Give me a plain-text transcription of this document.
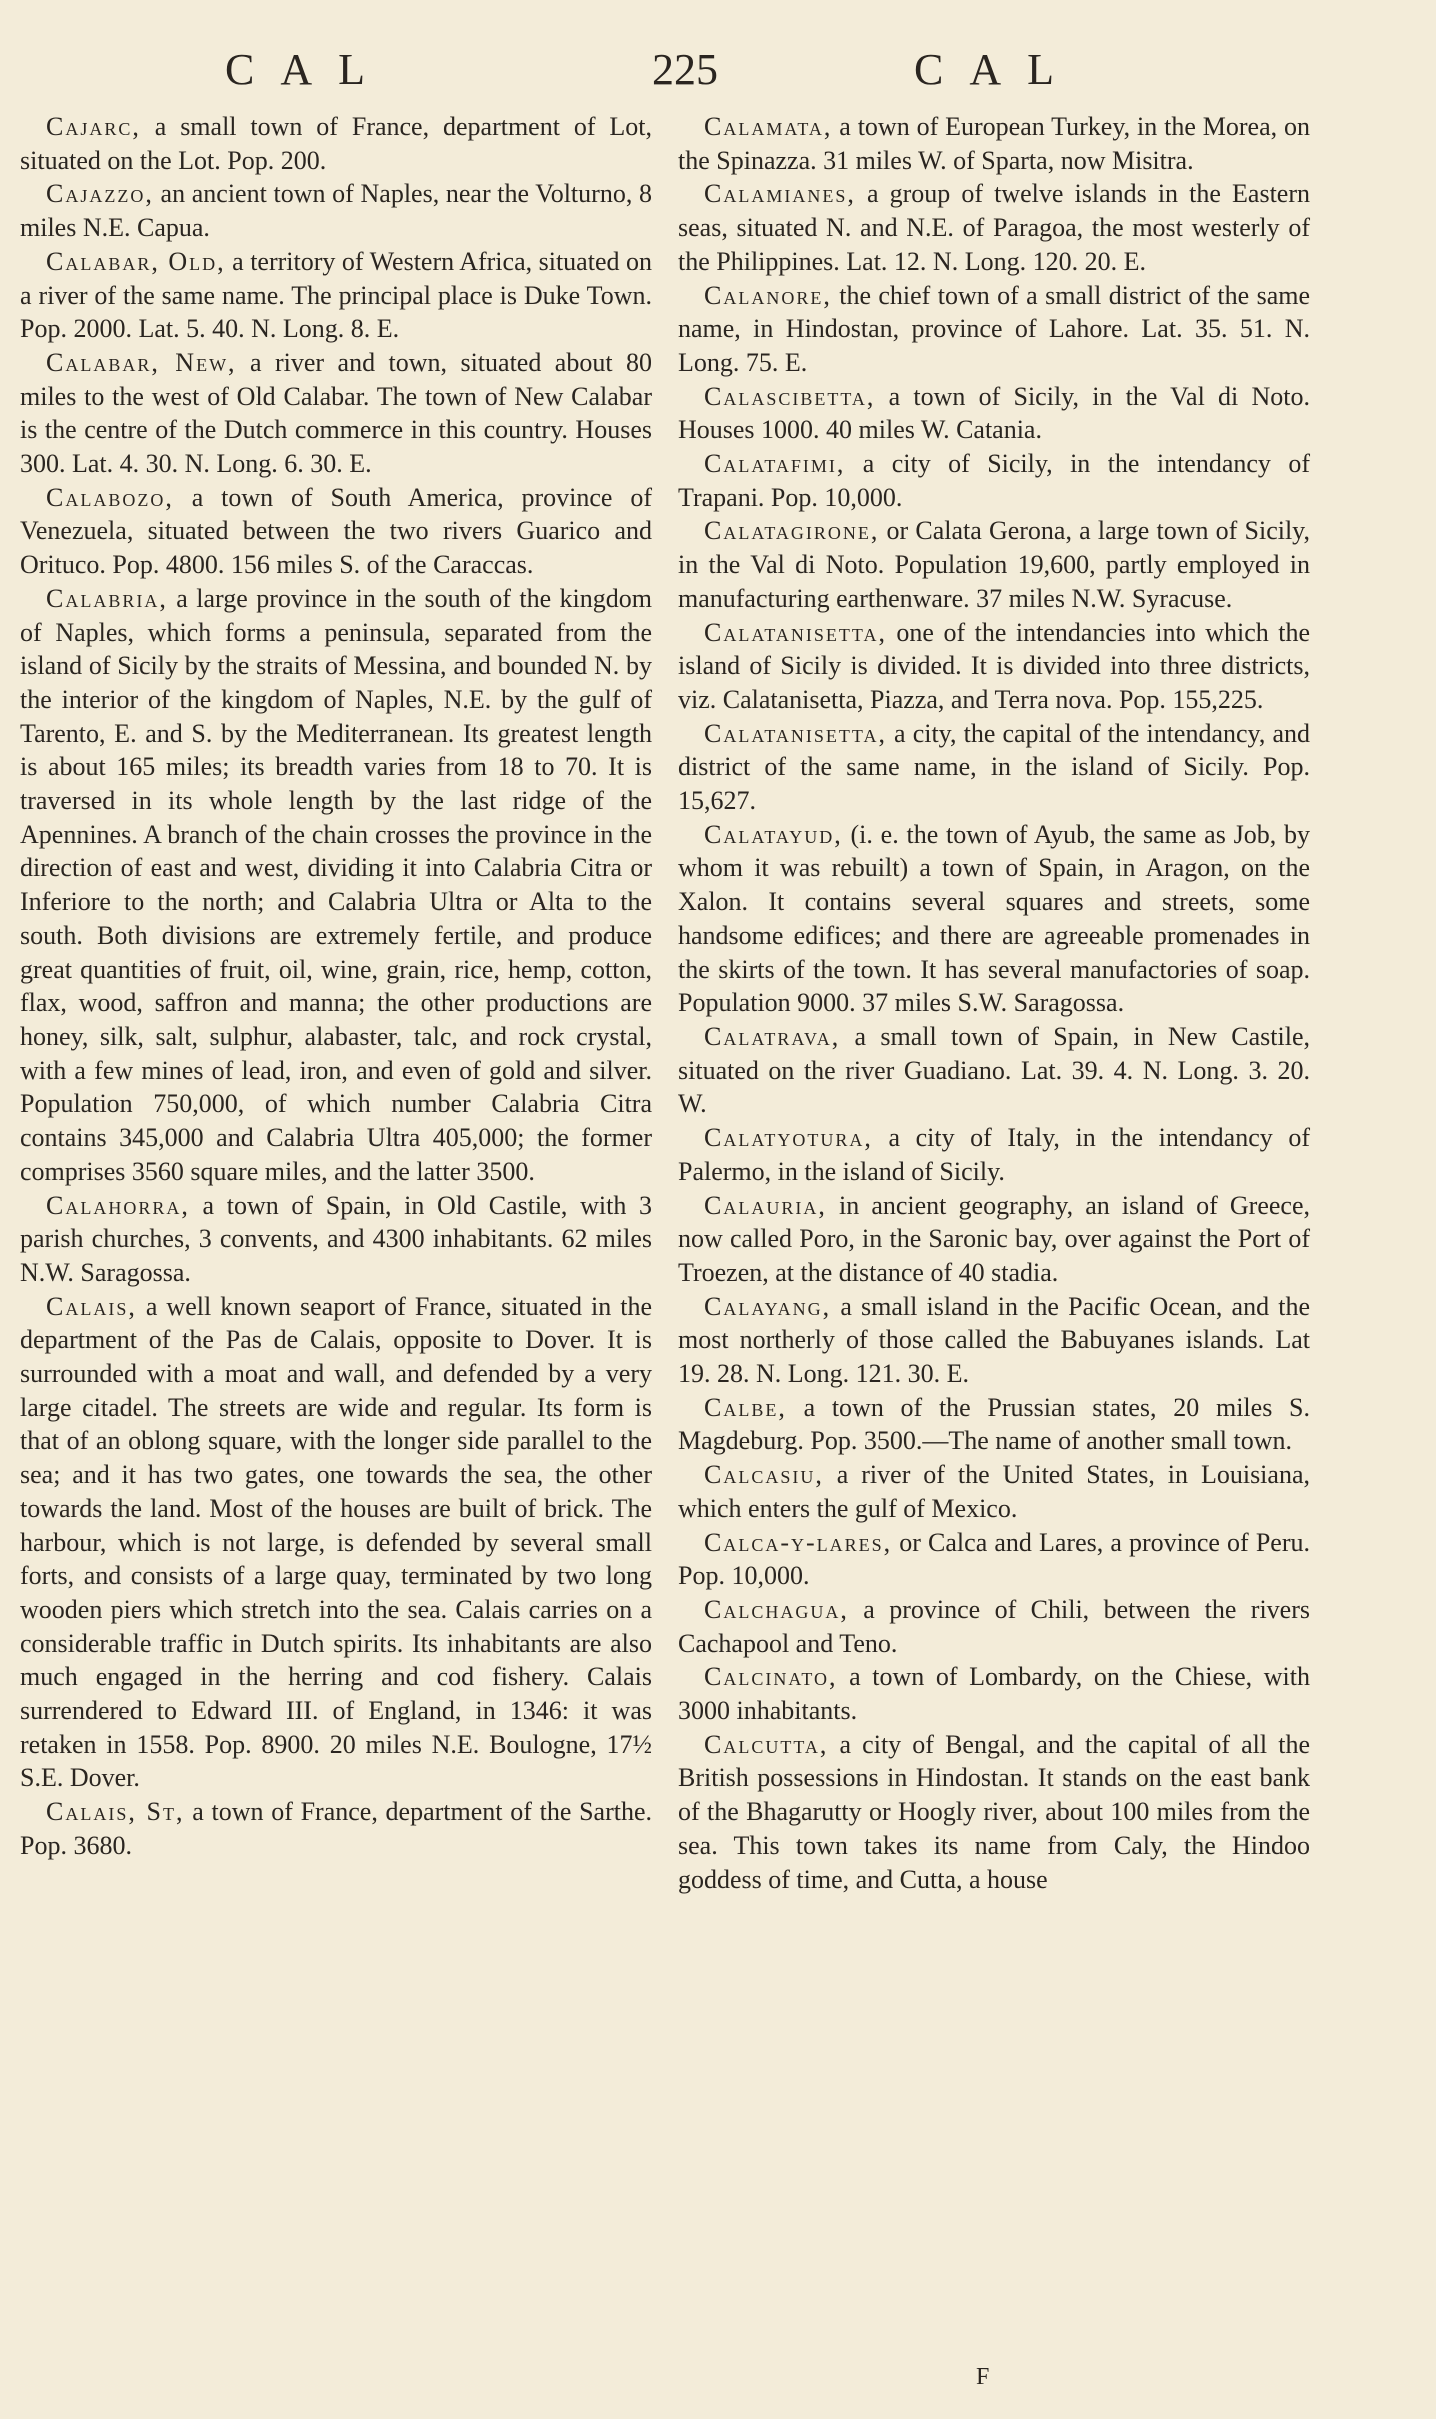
CAL	225	CAL

Cajarc, a small town of France, department of Lot, situated on the Lot. Pop. 200.

Cajazzo, an ancient town of Naples, near the Volturno, 8 miles N.E. Capua.

Calabar, Old, a territory of Western Africa, situated on a river of the same name. The principal place is Duke Town. Pop. 2000. Lat. 5. 40. N. Long. 8. E.

Calabar, New, a river and town, situated about 80 miles to the west of Old Calabar. The town of New Calabar is the centre of the Dutch commerce in this country. Houses 300. Lat. 4. 30. N. Long. 6. 30. E.

Calabozo, a town of South America, province of Venezuela, situated between the two rivers Guarico and Orituco. Pop. 4800. 156 miles S. of the Caraccas.

Calabria, a large province in the south of the kingdom of Naples, which forms a peninsula, separated from the island of Sicily by the straits of Messina, and bounded N. by the interior of the kingdom of Naples, N.E. by the gulf of Tarento, E. and S. by the Mediterranean. Its greatest length is about 165 miles; its breadth varies from 18 to 70. It is traversed in its whole length by the last ridge of the Apennines. A branch of the chain crosses the province in the direction of east and west, dividing it into Calabria Citra or Inferiore to the north; and Calabria Ultra or Alta to the south. Both divisions are extremely fertile, and produce great quantities of fruit, oil, wine, grain, rice, hemp, cotton, flax, wood, saffron and manna; the other productions are honey, silk, salt, sulphur, alabaster, talc, and rock crystal, with a few mines of lead, iron, and even of gold and silver. Population 750,000, of which number Calabria Citra contains 345,000 and Calabria Ultra 405,000; the former comprises 3560 square miles, and the latter 3500.

Calahorra, a town of Spain, in Old Castile, with 3 parish churches, 3 convents, and 4300 inhabitants. 62 miles N.W. Saragossa.

Calais, a well known seaport of France, situated in the department of the Pas de Calais, opposite to Dover. It is surrounded with a moat and wall, and defended by a very large citadel. The streets are wide and regular. Its form is that of an oblong square, with the longer side parallel to the sea; and it has two gates, one towards the sea, the other towards the land. Most of the houses are built of brick. The harbour, which is not large, is defended by several small forts, and consists of a large quay, terminated by two long wooden piers which stretch into the sea. Calais carries on a considerable traffic in Dutch spirits. Its inhabitants are also much engaged in the herring and cod fishery. Calais surrendered to Edward III. of England, in 1346: it was retaken in 1558. Pop. 8900. 20 miles N.E. Boulogne, 17½ S.E. Dover.

Calais, St, a town of France, department of the Sarthe. Pop. 3680.

Calamata, a town of European Turkey, in the Morea, on the Spinazza. 31 miles W. of Sparta, now Misitra.

Calamianes, a group of twelve islands in the Eastern seas, situated N. and N.E. of Paragoa, the most westerly of the Philippines. Lat. 12. N. Long. 120. 20. E.

Calanore, the chief town of a small district of the same name, in Hindostan, province of Lahore. Lat. 35. 51. N. Long. 75. E.

Calascibetta, a town of Sicily, in the Val di Noto. Houses 1000. 40 miles W. Catania.

Calatafimi, a city of Sicily, in the intendancy of Trapani. Pop. 10,000.

Calatagirone, or Calata Gerona, a large town of Sicily, in the Val di Noto. Population 19,600, partly employed in manufacturing earthenware. 37 miles N.W. Syracuse.

Calatanisetta, one of the intendancies into which the island of Sicily is divided. It is divided into three districts, viz. Calatanisetta, Piazza, and Terra nova. Pop. 155,225.

Calatanisetta, a city, the capital of the intendancy, and district of the same name, in the island of Sicily. Pop. 15,627.

Calatayud, (i. e. the town of Ayub, the same as Job, by whom it was rebuilt) a town of Spain, in Aragon, on the Xalon. It contains several squares and streets, some handsome edifices; and there are agreeable promenades in the skirts of the town. It has several manufactories of soap. Population 9000. 37 miles S.W. Saragossa.

Calatrava, a small town of Spain, in New Castile, situated on the river Guadiano. Lat. 39. 4. N. Long. 3. 20. W.

Calatyotura, a city of Italy, in the intendancy of Palermo, in the island of Sicily.

Calauria, in ancient geography, an island of Greece, now called Poro, in the Saronic bay, over against the Port of Troezen, at the distance of 40 stadia.

Calayang, a small island in the Pacific Ocean, and the most northerly of those called the Babuyanes islands. Lat 19. 28. N. Long. 121. 30. E.

Calbe, a town of the Prussian states, 20 miles S. Magdeburg. Pop. 3500.—The name of another small town.

Calcasiu, a river of the United States, in Louisiana, which enters the gulf of Mexico.

Calca-y-lares, or Calca and Lares, a province of Peru. Pop. 10,000.

Calchagua, a province of Chili, between the rivers Cachapool and Teno.

Calcinato, a town of Lombardy, on the Chiese, with 3000 inhabitants.

Calcutta, a city of Bengal, and the capital of all the British possessions in Hindostan. It stands on the east bank of the Bhagarutty or Hoogly river, about 100 miles from the sea. This town takes its name from Caly, the Hindoo goddess of time, and Cutta, a house

F
